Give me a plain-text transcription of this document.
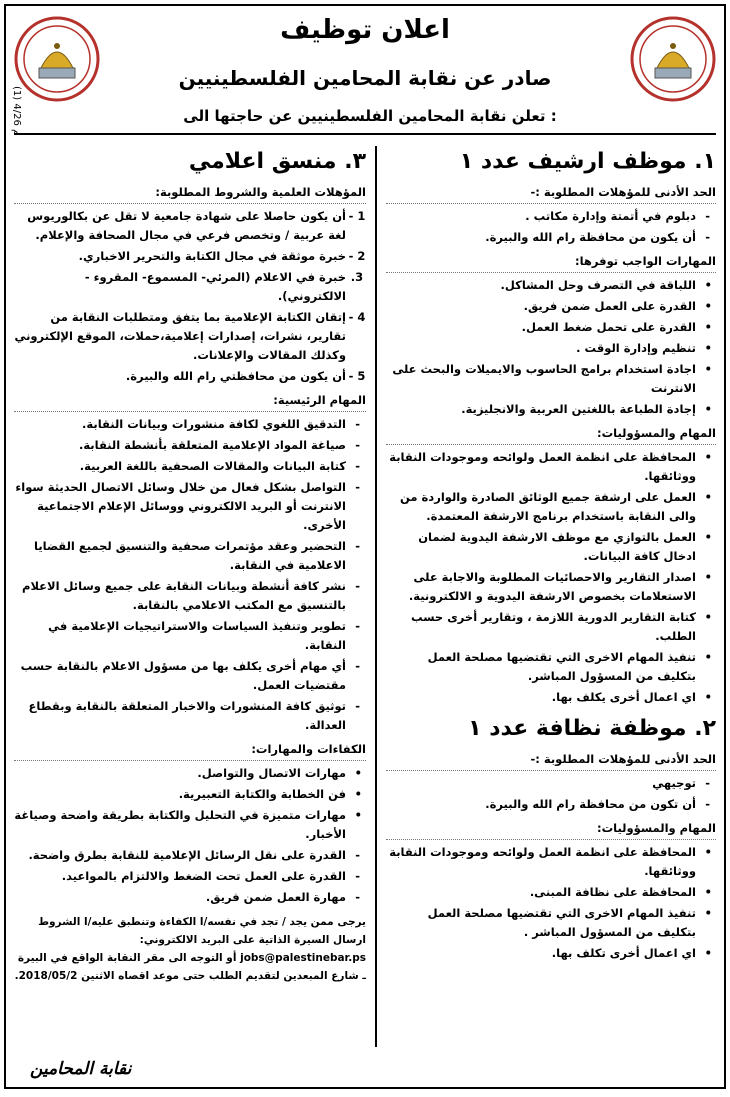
(1) 4/26 م
اعلان توظيف
صادر عن نقابة المحامين الفلسطينيين
تعلن نقابة المحامين الفلسطينيين عن حاجتها الى :
١. موظف ارشيف عدد ١
الحد الأدنى للمؤهلات المطلوبة :-
- دبلوم في أتمتة وإدارة مكاتب .
- أن يكون من محافظة رام الله والبيرة.
المهارات الواجب توفرها:
• اللباقة في التصرف وحل المشاكل.
• القدرة على العمل ضمن فريق.
• القدرة على تحمل ضغط العمل.
• تنظيم وإدارة الوقت .
• اجادة استخدام برامج الحاسوب والايميلات والبحث على الانترنت
• إجادة الطباعة باللغتين العربية والانجليزية.
المهام والمسؤوليات:
• المحافظة على انظمة العمل ولوائحه وموجودات النقابة ووثائقها.
• العمل على ارشفة جميع الوثائق الصادرة والواردة من والى النقابة باستخدام برنامج الارشفة المعتمدة.
• العمل بالتوازي مع موظف الارشفة اليدوية لضمان ادخال كافة البيانات.
• اصدار التقارير والاحصائيات المطلوبة والاجابة على الاستعلامات بخصوص الارشفة اليدوية و الالكترونية.
• كتابة التقارير الدورية اللازمة ، وتقارير أخرى حسب الطلب.
• تنفيذ المهام الاخرى التي تقتضيها مصلحة العمل بتكليف من المسؤول المباشر.
• اي اعمال أخرى يكلف بها.
٢. موظفة نظافة عدد ١
الحد الأدنى للمؤهلات المطلوبة :-
- توجيهي
- أن تكون من محافظة رام الله والبيرة.
المهام والمسؤوليات:
• المحافظة على انظمة العمل ولوائحه وموجودات النقابة ووثائقها.
• المحافظة على نظافة المبنى.
• تنفيذ المهام الاخرى التي تقتضيها مصلحة العمل بتكليف من المسؤول المباشر .
• اي اعمال أخرى تكلف بها.
٣. منسق اعلامي
المؤهلات العلمية والشروط المطلوبة:
1 -
أن يكون حاصلا على شهادة جامعية لا تقل عن بكالوريوس لغة عربية / وتخصص فرعي في مجال الصحافة والإعلام.
2 -
خبرة موثقة في مجال الكتابة والتحرير الاخباري.
3.
خبرة في الاعلام (المرئي- المسموع- المقروء - الالكتروني).
4 -
إتقان الكتابة الإعلامية بما يتفق ومتطلبات النقابة من تقارير، نشرات، إصدارات إعلامية،حملات، الموقع الإلكتروني وكذلك المقالات والإعلانات.
5 -
أن يكون من محافظتي رام الله والبيرة.
المهام الرئيسية:
- التدقيق اللغوي لكافة منشورات وبيانات النقابة.
- صياغة المواد الإعلامية المتعلقة بأنشطة النقابة.
- كتابة البيانات والمقالات الصحفية باللغة العربية.
- التواصل بشكل فعال من خلال وسائل الاتصال الحديثة سواء الانترنت أو البريد الالكتروني ووسائل الإعلام الاجتماعية الأخرى.
- التحضير وعقد مؤتمرات صحفية والتنسيق لجميع القضايا الاعلامية في النقابة.
- نشر كافة أنشطة وبيانات النقابة على جميع وسائل الاعلام بالتنسيق مع المكتب الاعلامي بالنقابة.
- تطوير وتنفيذ السياسات والاستراتيجيات الإعلامية في النقابة.
- أي مهام أخرى يكلف بها من مسؤول الاعلام بالنقابة حسب مقتضيات العمل.
- توثيق كافة المنشورات والاخبار المتعلقة بالنقابة وبقطاع العدالة.
الكفاءات والمهارات:
• مهارات الاتصال والتواصل.
• فن الخطابة والكتابة التعبيرية.
• مهارات متميزة في التحليل والكتابة بطريقة واضحة وصياغة الأخبار.
- القدرة على نقل الرسائل الإعلامية للنقابة بطرق واضحة.
- القدرة على العمل تحت الضغط والالتزام بالمواعيد.
- مهارة العمل ضمن فريق.
يرجى ممن يجد / تجد في نفسه/ا الكفاءة وتنطبق عليه/ا الشروط ارسال السيرة الذاتية على البريد الالكتروني: jobs@palestinebar.ps أو التوجه الى مقر النقابة الواقع في البيرة ـ شارع المبعدين لتقديم الطلب حتى موعد اقصاه الاثنين 2018/05/2.
نقابة المحامين
